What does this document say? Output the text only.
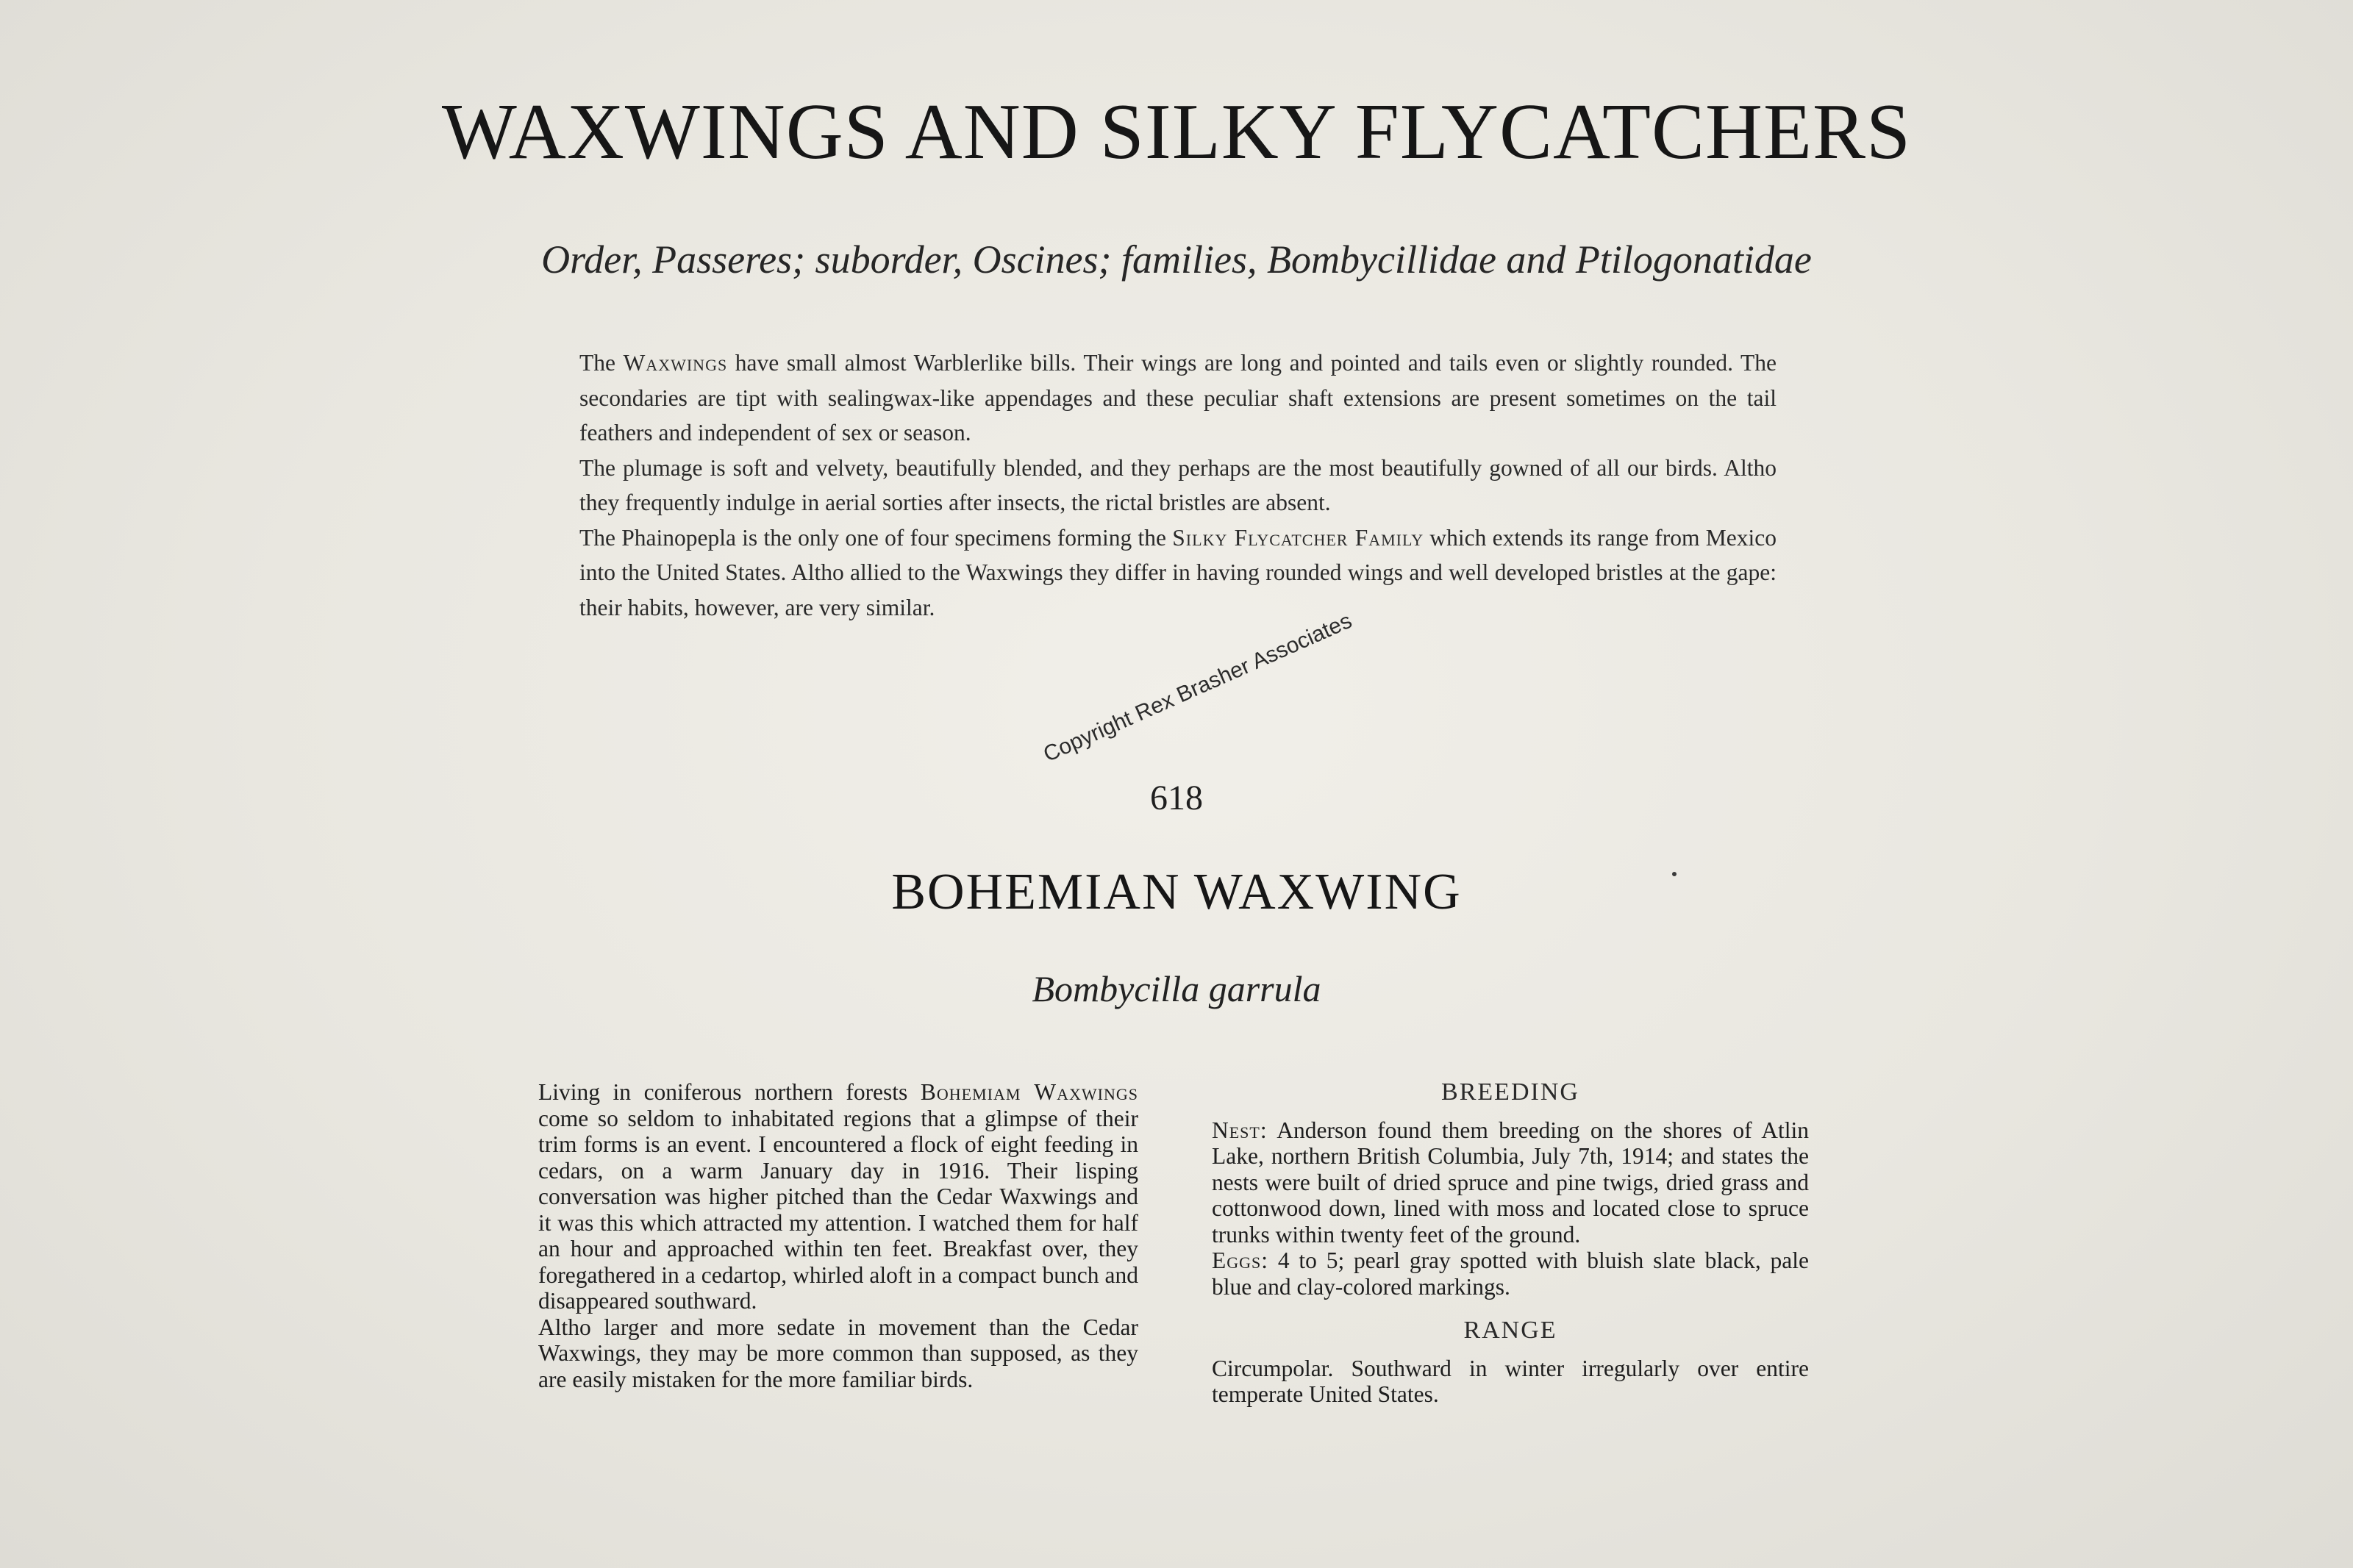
WAXWINGS AND SILKY FLYCATCHERS
Order, Passeres; suborder, Oscines; families, Bombycillidae and Ptilogonatidae

The Waxwings have small almost Warblerlike bills. Their wings are long and pointed and tails even or slightly rounded. The secondaries are tipt with sealingwax-like appendages and these peculiar shaft extensions are present sometimes on the tail feathers and independent of sex or season.

The plumage is soft and velvety, beautifully blended, and they perhaps are the most beautifully gowned of all our birds. Altho they frequently indulge in aerial sorties after insects, the rictal bristles are absent.

The Phainopepla is the only one of four specimens forming the Silky Flycatcher Family which extends its range from Mexico into the United States. Altho allied to the Waxwings they differ in having rounded wings and well developed bristles at the gape: their habits, however, are very similar.

Copyright Rex Brasher Associates
618
BOHEMIAN WAXWING
Bombycilla garrula

Living in coniferous northern forests Bohemiam Waxwings come so seldom to inhabitated regions that a glimpse of their trim forms is an event. I encountered a flock of eight feeding in cedars, on a warm January day in 1916. Their lisping conversation was higher pitched than the Cedar Waxwings and it was this which attracted my attention. I watched them for half an hour and approached within ten feet. Breakfast over, they foregathered in a cedartop, whirled aloft in a compact bunch and disappeared southward.

Altho larger and more sedate in movement than the Cedar Waxwings, they may be more common than supposed, as they are easily mistaken for the more familiar birds.

BREEDING

Nest: Anderson found them breeding on the shores of Atlin Lake, northern British Columbia, July 7th, 1914; and states the nests were built of dried spruce and pine twigs, dried grass and cottonwood down, lined with moss and located close to spruce trunks within twenty feet of the ground.

Eggs: 4 to 5; pearl gray spotted with bluish slate black, pale blue and clay-colored markings.

RANGE

Circumpolar. Southward in winter irregularly over entire temperate United States.
